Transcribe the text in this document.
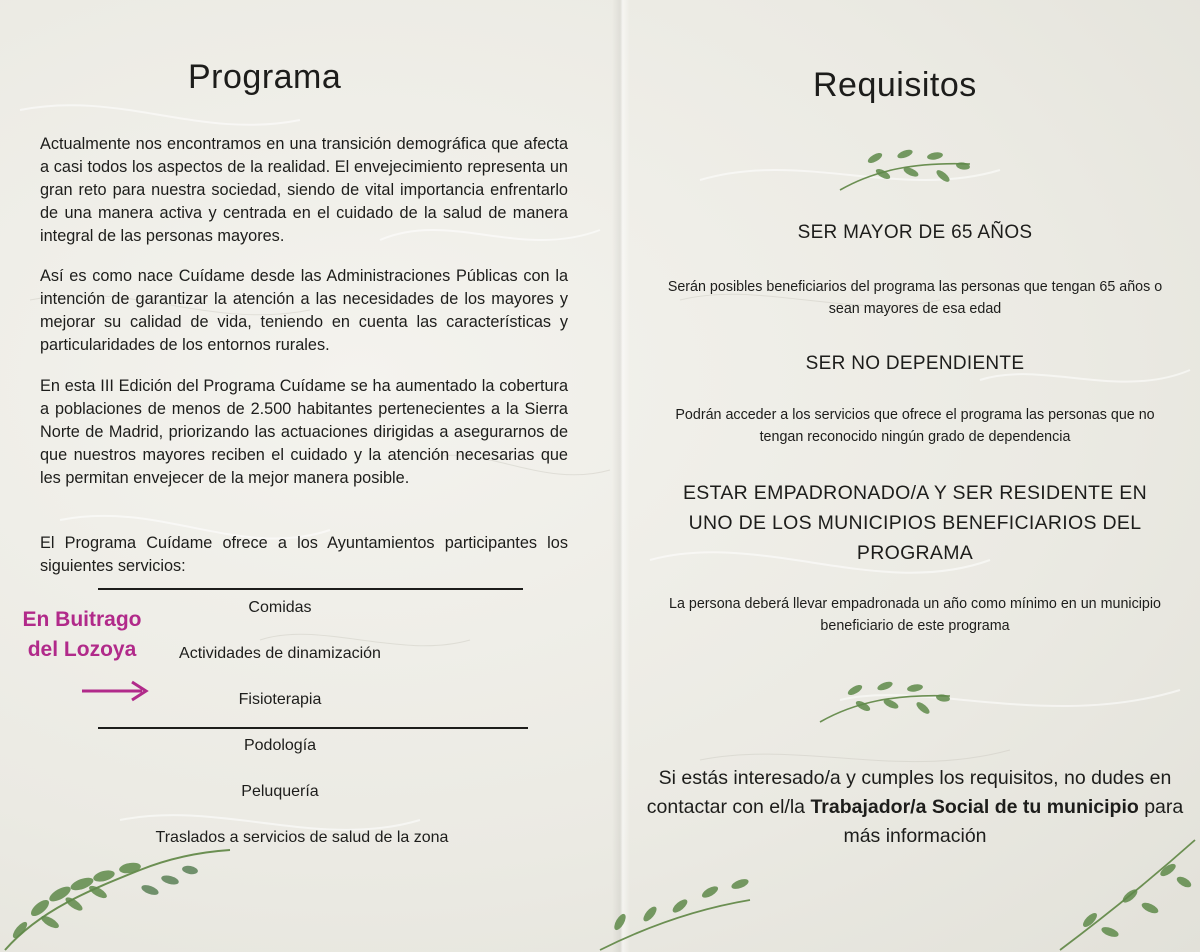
Programa

Actualmente nos encontramos en una transición demográfica que afecta a casi todos los aspectos de la realidad. El envejecimiento representa un gran reto para nuestra sociedad, siendo de vital importancia enfrentarlo de una manera activa y centrada en el cuidado de la salud de manera integral de las personas mayores.

Así es como nace Cuídame desde las Administraciones Públicas con la intención de garantizar la atención a las necesidades de los mayores y mejorar su calidad de vida, teniendo en cuenta las características y particularidades de los entornos rurales.

En esta III Edición del Programa Cuídame se ha aumentado la cobertura a poblaciones de menos de 2.500 habitantes pertenecientes a la Sierra Norte de Madrid, priorizando las actuaciones dirigidas a asegurarnos de que nuestros mayores reciben el cuidado y la atención necesarias que les permitan envejecer de la mejor manera posible.

El Programa Cuídame ofrece a los Ayuntamientos participantes los siguientes servicios:

Comidas
Actividades de dinamización
Fisioterapia
Podología
Peluquería
Traslados a servicios de salud de la zona
En Buitrago
del Lozoya
Requisitos
SER MAYOR DE 65 AÑOS
Serán posibles beneficiarios del programa las personas que tengan 65 años o sean mayores de esa edad
SER NO DEPENDIENTE
Podrán acceder a los servicios que ofrece el programa las personas que no tengan reconocido ningún grado de dependencia
ESTAR EMPADRONADO/A Y SER RESIDENTE EN UNO DE LOS MUNICIPIOS BENEFICIARIOS DEL PROGRAMA
La persona deberá llevar empadronada un año como mínimo en un municipio beneficiario de este programa
Si estás interesado/a y cumples los requisitos, no dudes en contactar con el/la Trabajador/a Social de tu municipio para más información
